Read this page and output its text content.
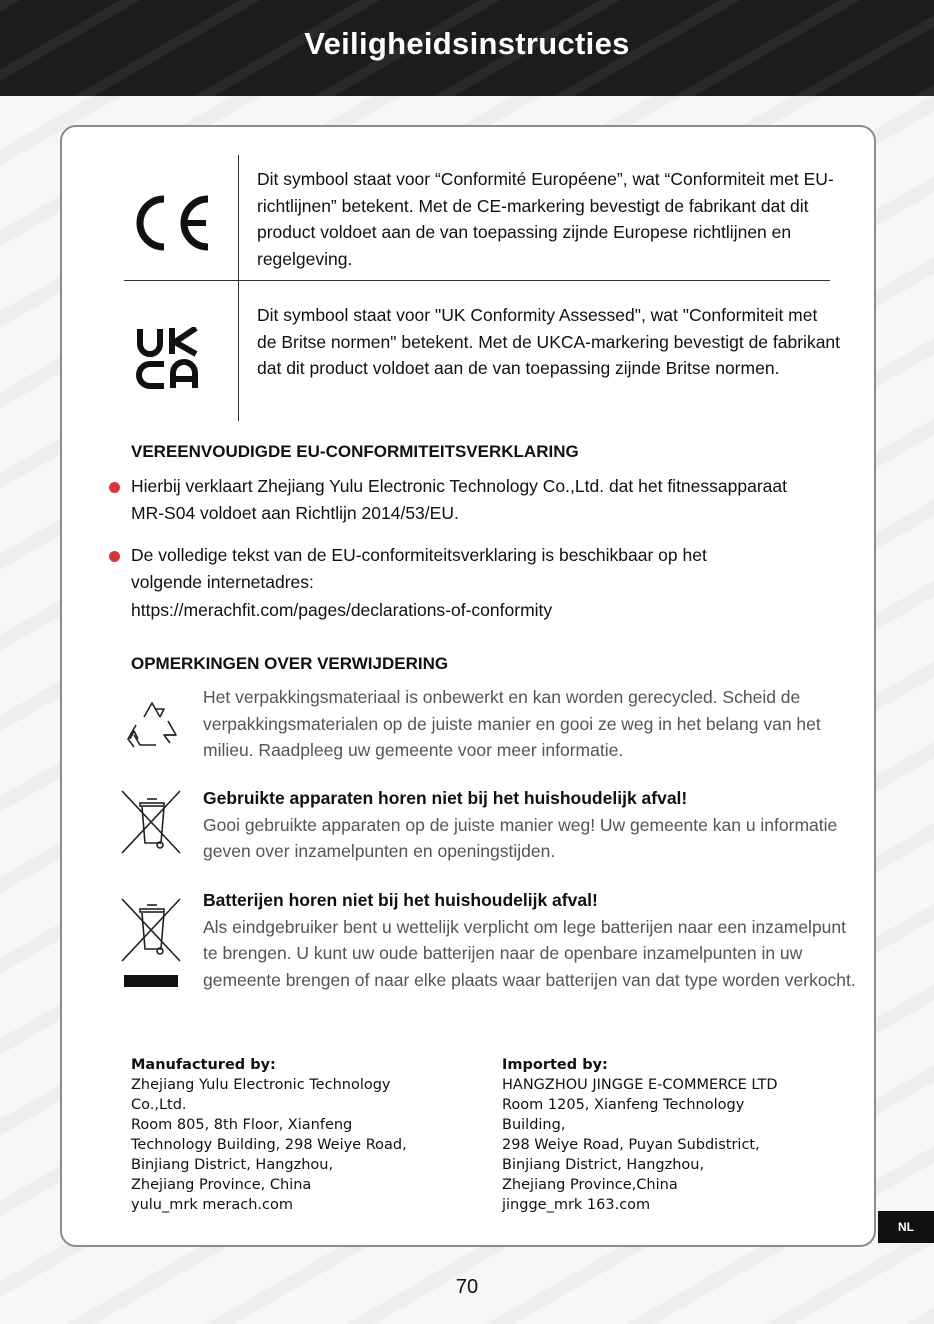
Veiligheidsinstructies
Dit symbool staat voor “Conformité Européene”, wat “Conformiteit met EU-richtlijnen” betekent. Met de CE-markering bevestigt de fabrikant dat dit product voldoet aan de van toepassing zijnde Europese richtlijnen en regelgeving.
Dit symbool staat voor "UK Conformity Assessed", wat "Conformiteit met de Britse normen" betekent. Met de UKCA-markering bevestigt de fabrikant dat dit product voldoet aan de van toepassing zijnde Britse normen.
VEREENVOUDIGDE EU-CONFORMITEITSVERKLARING
Hierbij verklaart Zhejiang Yulu Electronic Technology Co.,Ltd. dat het fitnessapparaat MR-S04 voldoet aan Richtlijn 2014/53/EU.
De volledige tekst van de EU-conformiteitsverklaring is beschikbaar op het volgende internetadres:
https://merachfit.com/pages/declarations-of-conformity
OPMERKINGEN OVER VERWIJDERING
Het verpakkingsmateriaal is onbewerkt en kan worden gerecycled. Scheid de verpakkingsmaterialen op de juiste manier en gooi ze weg in het belang van het milieu. Raadpleeg uw gemeente voor meer informatie.
Gebruikte apparaten horen niet bij het huishoudelijk afval!
Gooi gebruikte apparaten op de juiste manier weg! Uw gemeente kan u informatie geven over inzamelpunten en openingstijden.
Batterijen horen niet bij het huishoudelijk afval!
Als eindgebruiker bent u wettelijk verplicht om lege batterijen naar een inzamelpunt te brengen. U kunt uw oude batterijen naar de openbare inzamelpunten in uw gemeente brengen of naar elke plaats waar batterijen van dat type worden verkocht.
Manufactured by:
Zhejiang Yulu Electronic Technology
Co.,Ltd.
Room 805, 8th Floor, Xianfeng
Technology Building, 298 Weiye Road,
Binjiang District, Hangzhou,
Zhejiang Province, China
yulu_mrk merach.com
Imported by:
HANGZHOU JINGGE E-COMMERCE LTD
Room 1205, Xianfeng Technology
Building,
298 Weiye Road, Puyan Subdistrict,
Binjiang District, Hangzhou,
Zhejiang Province,China
jingge_mrk 163.com
NL
70
